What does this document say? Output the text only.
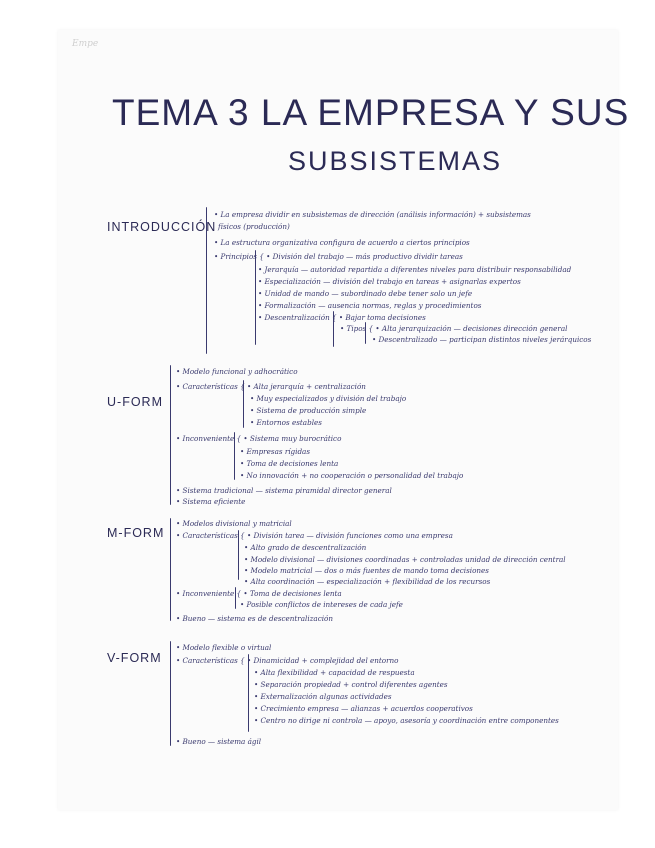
Empe
TEMA 3 LA EMPRESA Y SUS
SUBSISTEMAS
INTRODUCCIÓN
• La empresa dividir en subsistemas de dirección (análisis información) + subsistemas
físicos (producción)
• La estructura organizativa configura de acuerdo a ciertos principios
• Principios { • División del trabajo — más productivo dividir tareas
• Jerarquía — autoridad repartida a diferentes niveles para distribuir responsabilidad
• Especialización — división del trabajo en tareas + asignarlas expertos
• Unidad de mando — subordinado debe tener solo un jefe
• Formalización — ausencia normas, reglas y procedimientos
• Descentralización { • Bajar toma decisiones
• Tipos { • Alta jerarquización — decisiones dirección general
• Descentralizado — participan distintos niveles jerárquicos
U-FORM
• Modelo funcional y adhocrático
• Características { • Alta jerarquía + centralización
• Muy especializados y división del trabajo
• Sistema de producción simple
• Entornos estables
• Inconveniente { • Sistema muy burocrático
• Empresas rígidas
• Toma de decisiones lenta
• No innovación + no cooperación o personalidad del trabajo
• Sistema tradicional — sistema piramidal director general
• Sistema eficiente
M-FORM
• Modelos divisional y matricial
• Características { • División tarea — división funciones como una empresa
• Alto grado de descentralización
• Modelo divisional — divisiones coordinadas + controladas unidad de dirección central
• Modelo matricial — dos o más fuentes de mando toma decisiones
• Alta coordinación — especialización + flexibilidad de los recursos
• Inconveniente { • Toma de decisiones lenta
• Posible conflictos de intereses de cada jefe
• Bueno — sistema es de descentralización
V-FORM
• Modelo flexible o virtual
• Características { • Dinamicidad + complejidad del entorno
• Alta flexibilidad + capacidad de respuesta
• Separación propiedad + control diferentes agentes
• Externalización algunas actividades
• Crecimiento empresa — alianzas + acuerdos cooperativos
• Centro no dirige ni controla — apoyo, asesoría y coordinación entre componentes
• Bueno — sistema ágil
